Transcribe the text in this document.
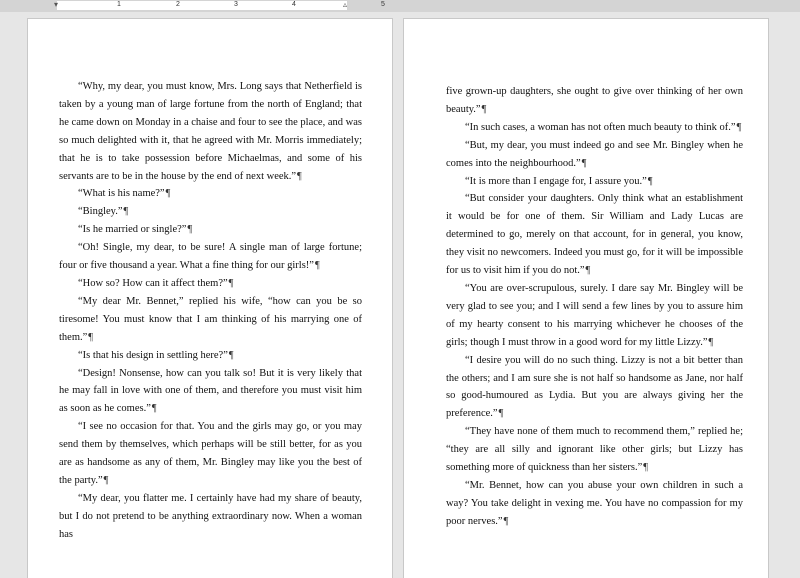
▾	1	2	3	4	5
▵

“Why, my dear, you must know, Mrs. Long says that Netherfield is taken by a young man of large fortune from the north of England; that he came down on Monday in a chaise and four to see the place, and was so much delighted with it, that he agreed with Mr. Morris immediately; that he is to take possession before Michaelmas, and some of his servants are to be in the house by the end of next week.”¶

“What is his name?”¶

“Bingley.”¶

“Is he married or single?”¶

“Oh! Single, my dear, to be sure! A single man of large fortune; four or five thousand a year. What a fine thing for our girls!”¶

“How so? How can it affect them?”¶

“My dear Mr. Bennet,” replied his wife, “how can you be so tiresome! You must know that I am thinking of his marrying one of them.”¶

“Is that his design in settling here?”¶

“Design! Nonsense, how can you talk so! But it is very likely that he may fall in love with one of them, and therefore you must visit him as soon as he comes.”¶

“I see no occasion for that. You and the girls may go, or you may send them by themselves, which perhaps will be still better, for as you are as handsome as any of them, Mr. Bingley may like you the best of the party.”¶

“My dear, you flatter me. I certainly have had my share of beauty, but I do not pretend to be anything extraordinary now. When a woman has

five grown-up daughters, she ought to give over thinking of her own beauty.”¶

“In such cases, a woman has not often much beauty to think of.”¶

“But, my dear, you must indeed go and see Mr. Bingley when he comes into the neighbourhood.”¶

“It is more than I engage for, I assure you.”¶

“But consider your daughters. Only think what an establishment it would be for one of them. Sir William and Lady Lucas are determined to go, merely on that account, for in general, you know, they visit no newcomers. Indeed you must go, for it will be impossible for us to visit him if you do not.”¶

“You are over-scrupulous, surely. I dare say Mr. Bingley will be very glad to see you; and I will send a few lines by you to assure him of my hearty consent to his marrying whichever he chooses of the girls; though I must throw in a good word for my little Lizzy.”¶

“I desire you will do no such thing. Lizzy is not a bit better than the others; and I am sure she is not half so handsome as Jane, nor half so good-humoured as Lydia. But you are always giving her the preference.”¶

“They have none of them much to recommend them,” replied he; “they are all silly and ignorant like other girls; but Lizzy has something more of quickness than her sisters.”¶

“Mr. Bennet, how can you abuse your own children in such a way? You take delight in vexing me. You have no compassion for my poor nerves.”¶
